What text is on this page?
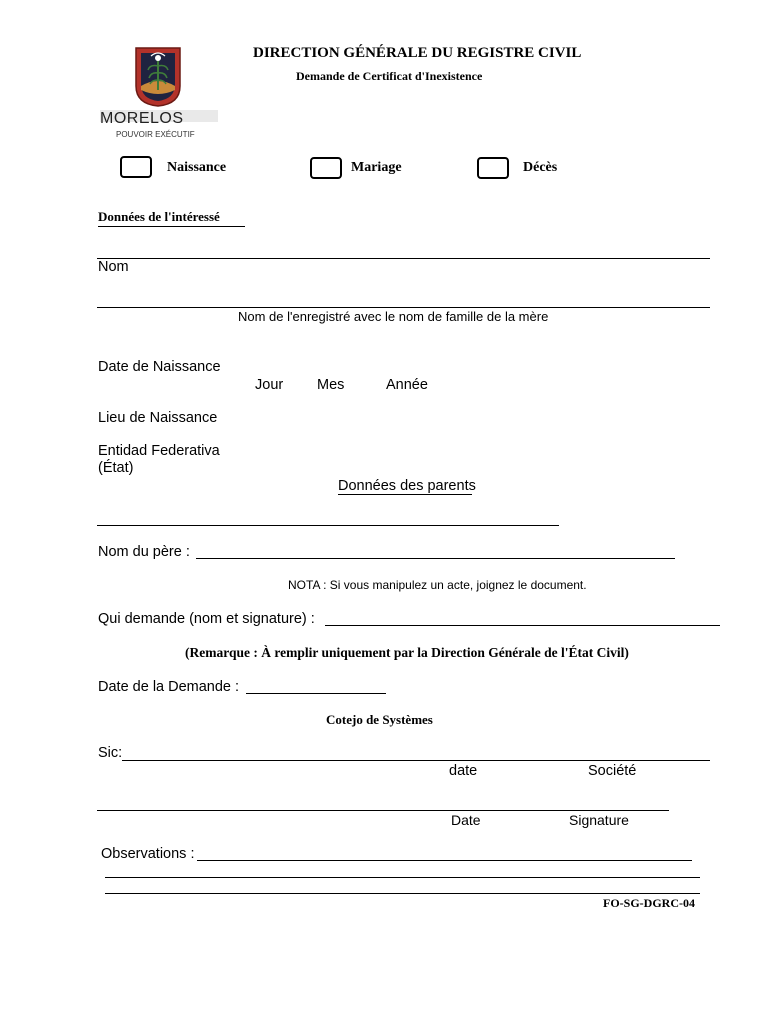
MORELOS
POUVOIR EXÉCUTIF
DIRECTION GÉNÉRALE DU REGISTRE CIVIL
Demande de Certificat d'Inexistence
Naissance	Mariage	Décès
Données de l'intéressé
Nom
Nom de l'enregistré avec le nom de famille de la mère
Date de Naissance
Jour Mes	Année
Lieu de Naissance
Entidad Federativa
(État)
Données des parents
Nom du père :
NOTA : Si vous manipulez un acte, joignez le document.
Qui demande (nom et signature) :
(Remarque : À remplir uniquement par la Direction Générale de l'État Civil)
Date de la Demande :
Cotejo de Systèmes
Sic:
date	Société
Date	Signature
Observations :
FO-SG-DGRC-04
